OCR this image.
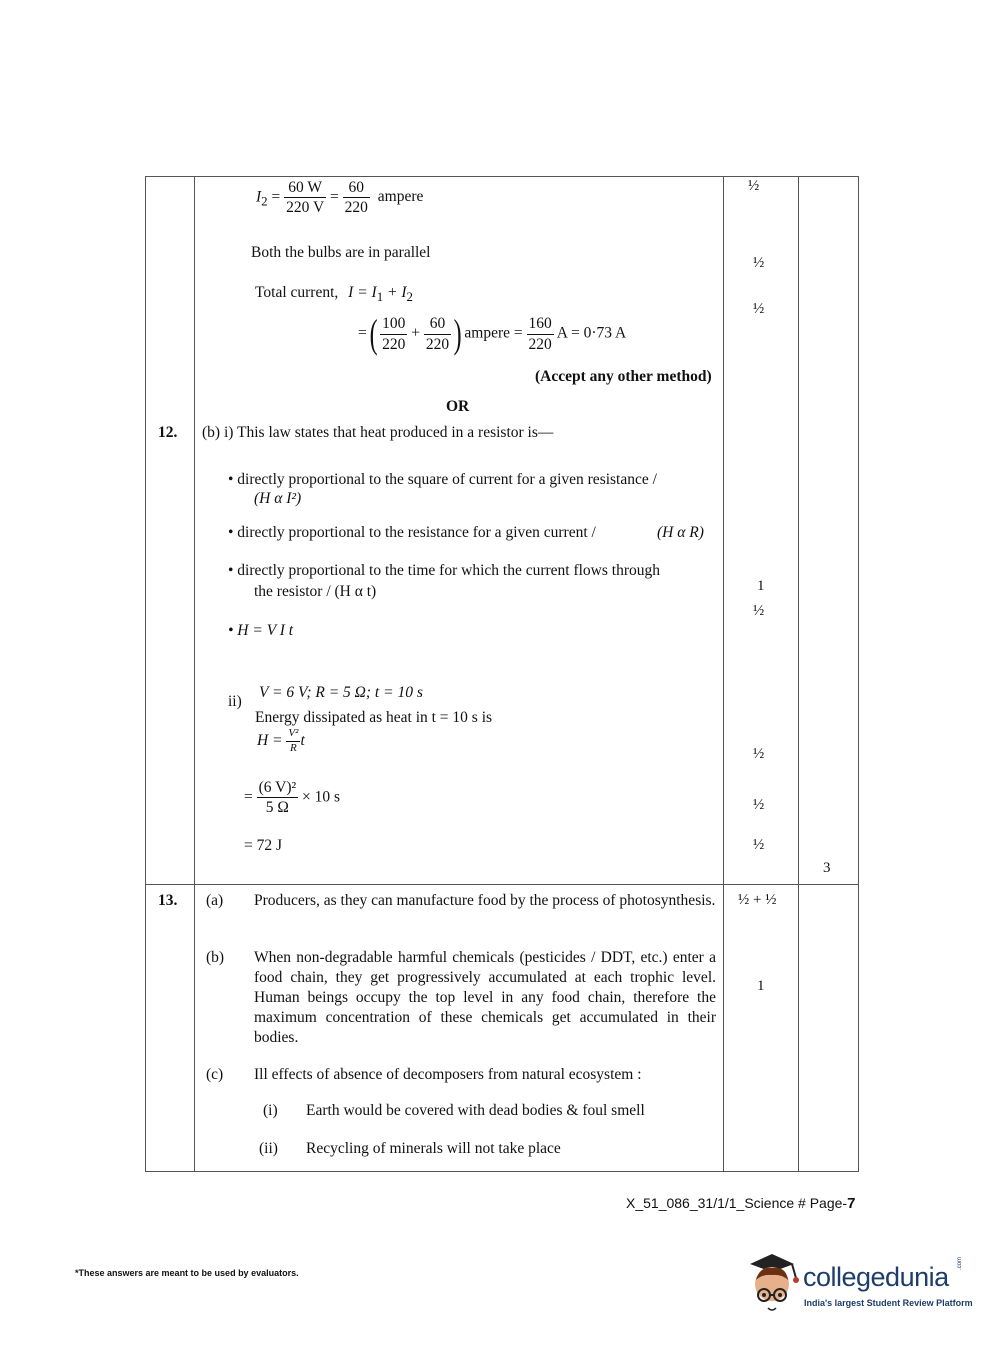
$I_2 = \frac{60 W}{220 V} = \frac{60}{220}$ ampere
Both the bulbs are in parallel
Total current, $I = I_1 + I_2$
=( $\frac{100}{220} + \frac{60}{220}$ ) ampere = $\frac{160}{220}$ A = 0·73 A
(Accept any other method)
OR
½
½
½
12. (b) i) This law states that heat produced in a resistor is—
• directly proportional to the square of current for a given resistance /
(H α I²)
• directly proportional to the resistance for a given current /	(H α R)
• directly proportional to the time for which the current flows through
the resistor / (H α t)
• H = V I t
ii)
V = 6 V; R = 5 Ω; t = 10 s
Energy dissipated as heat in t = 10 s is
$H = \frac{\text{V²}}{R}$ t
= $\frac{\text{(6 V)²}}{5 \Omega} \times 10$ s
= 72 J
1
½
½
½
½
3
13. (a) Producers, as they can manufacture food by the process of photosynthesis. ½ + ½
(b) When non-degradable harmful chemicals (pesticides / DDT, etc.) enter a food chain, they get progressively accumulated at each trophic level. Human beings occupy the top level in any food chain, therefore the maximum concentration of these chemicals get accumulated in their bodies.
1
(c) Ill effects of absence of decomposers from natural ecosystem :
(i) Earth would be covered with dead bodies & foul smell
(ii) Recycling of minerals will not take place
X_51_086_31/1/1_Science # Page-7
*These answers are meant to be used by evaluators.	collegedunia .com
India's largest Student Review Platform
